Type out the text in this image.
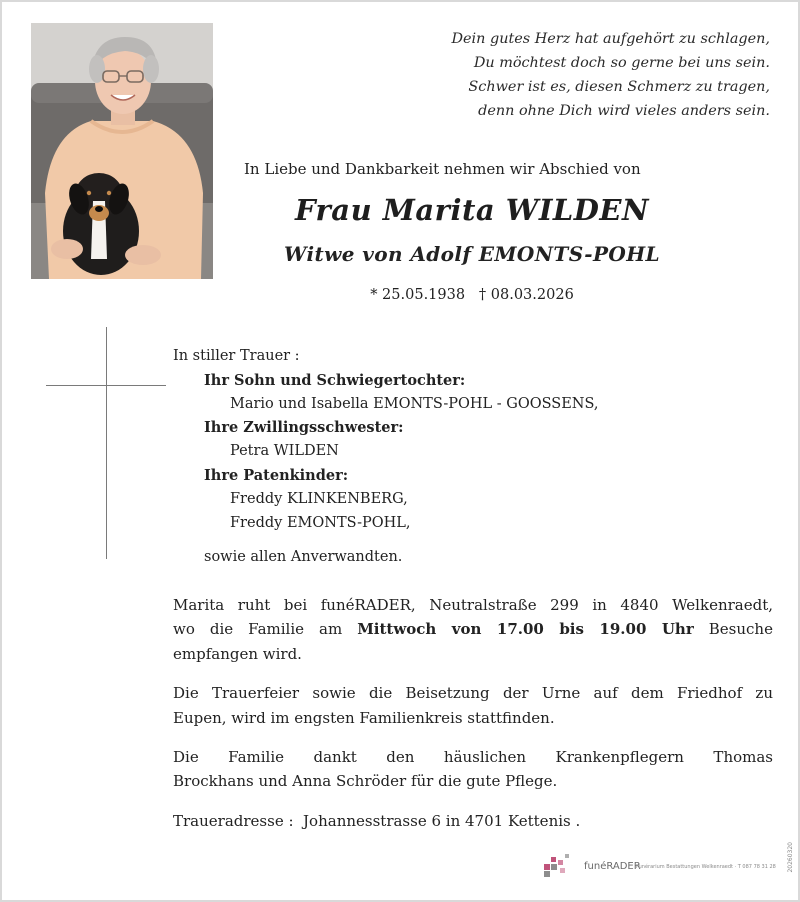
Dein gutes Herz hat aufgehört zu schlagen,
Du möchtest doch so gerne bei uns sein.
Schwer ist es, diesen Schmerz zu tragen,
denn ohne Dich wird vieles anders sein.
In Liebe und Dankbarkeit nehmen wir Abschied von
Frau Marita WILDEN
Witwe von Adolf EMONTS-POHL
* 25.05.1938   † 08.03.2026
In stiller Trauer :
Ihr Sohn und Schwiegertochter:
Mario und Isabella EMONTS-POHL - GOOSSENS,
Ihre Zwillingsschwester:
Petra WILDEN
Ihre Patenkinder:
Freddy KLINKENBERG,
Freddy EMONTS-POHL,
sowie allen Anverwandten.

Marita ruht bei funéRADER, Neutralstraße 299 in 4840 Welkenraedt,
wo die Familie am Mittwoch von 17.00 bis 19.00 Uhr Besuche
empfangen wird.

Die Trauerfeier sowie die Beisetzung der Urne auf dem Friedhof zu
Eupen, wird im engsten Familienkreis stattfinden.

Die Familie dankt den häuslichen Krankenpflegern Thomas
Brockhans und Anna Schröder für die gute Pflege.

Traueradresse :  Johannesstrasse 6 in 4701 Kettenis .

funéRADER
Funérarium Bestattungen Welkenraedt · T 087 78 31 28 20260320
